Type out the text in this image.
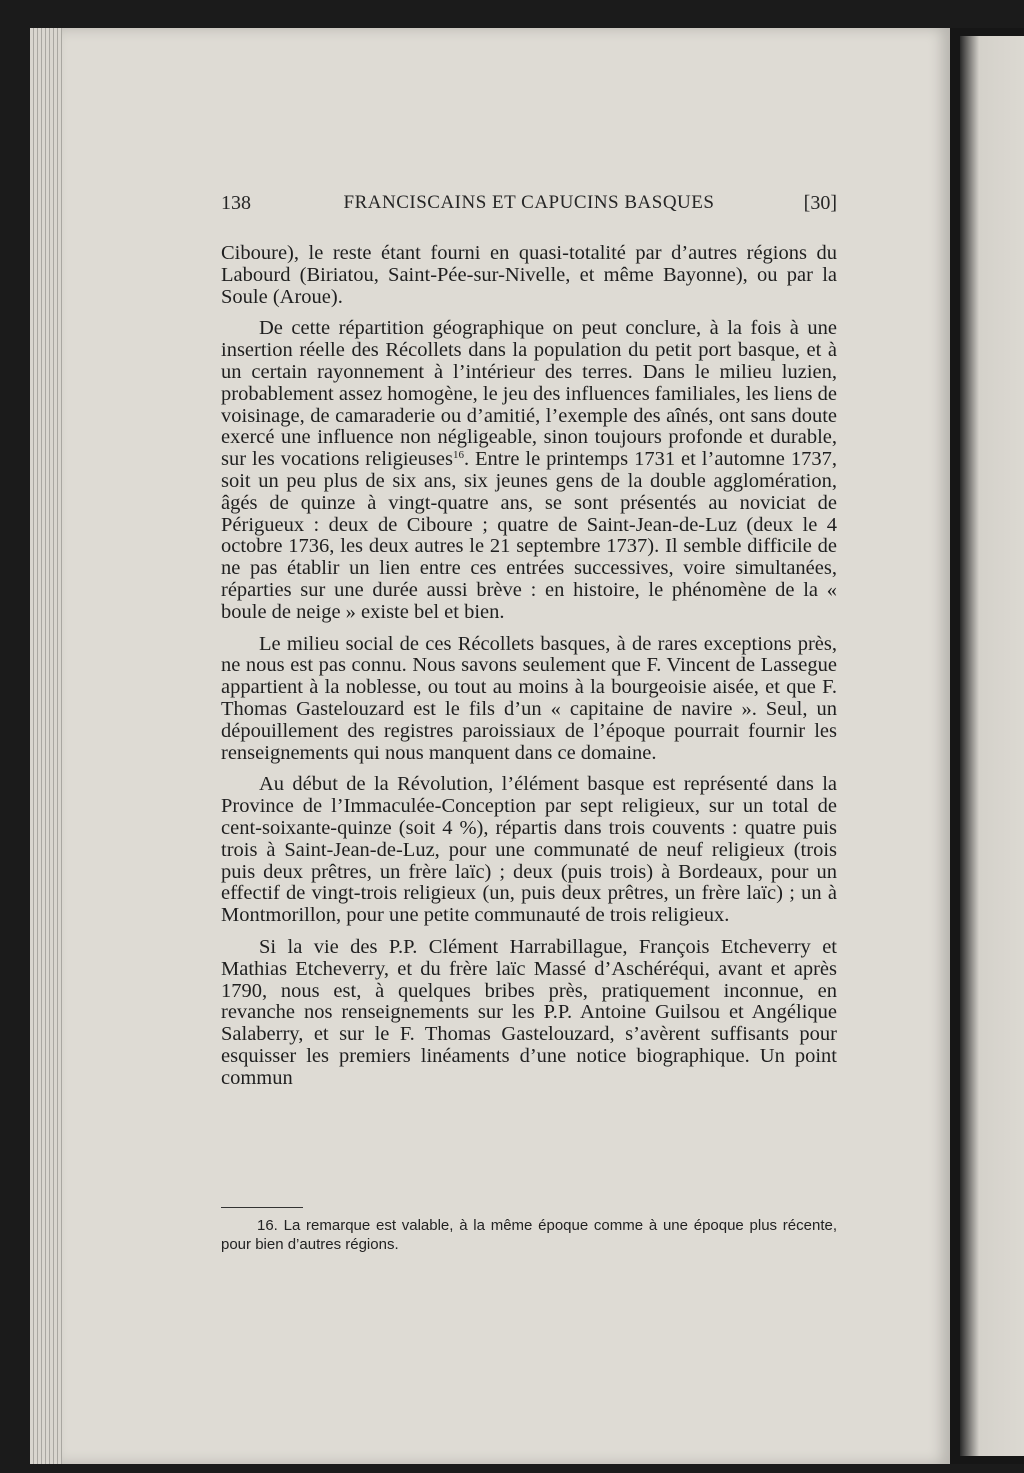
138	FRANCISCAINS ET CAPUCINS BASQUES	[30]

Ciboure), le reste étant fourni en quasi-totalité par d’autres régions du Labourd (Biriatou, Saint-Pée-sur-Nivelle, et même Bayonne), ou par la Soule (Aroue).

De cette répartition géographique on peut conclure, à la fois à une insertion réelle des Récollets dans la population du petit port basque, et à un certain rayonnement à l’intérieur des terres. Dans le milieu luzien, probablement assez homogène, le jeu des influences familiales, les liens de voisinage, de camaraderie ou d’amitié, l’exemple des aînés, ont sans doute exercé une influence non négligeable, sinon toujours profonde et durable, sur les vocations religieuses$^{16}$. Entre le printemps 1731 et l’automne 1737, soit un peu plus de six ans, six jeunes gens de la double agglomération, âgés de quinze à vingt-quatre ans, se sont présentés au noviciat de Périgueux : deux de Ciboure ; quatre de Saint-Jean-de-Luz (deux le 4 octobre 1736, les deux autres le 21 septembre 1737). Il semble difficile de ne pas établir un lien entre ces entrées successives, voire simultanées, réparties sur une durée aussi brève : en histoire, le phénomène de la « boule de neige » existe bel et bien.

Le milieu social de ces Récollets basques, à de rares exceptions près, ne nous est pas connu. Nous savons seulement que F. Vincent de Lassegue appartient à la noblesse, ou tout au moins à la bourgeoisie aisée, et que F. Thomas Gastelouzard est le fils d’un « capitaine de navire ». Seul, un dépouillement des registres paroissiaux de l’époque pourrait fournir les renseignements qui nous manquent dans ce domaine.

Au début de la Révolution, l’élément basque est représenté dans la Province de l’Immaculée-Conception par sept religieux, sur un total de cent-soixante-quinze (soit 4 %), répartis dans trois couvents : quatre puis trois à Saint-Jean-de-Luz, pour une communaté de neuf religieux (trois puis deux prêtres, un frère laïc) ; deux (puis trois) à Bordeaux, pour un effectif de vingt-trois religieux (un, puis deux prêtres, un frère laïc) ; un à Montmorillon, pour une petite communauté de trois religieux.

Si la vie des P.P. Clément Harrabillague, François Etcheverry et Mathias Etcheverry, et du frère laïc Massé d’Aschéréqui, avant et après 1790, nous est, à quelques bribes près, pratiquement inconnue, en revanche nos renseignements sur les P.P. Antoine Guilsou et Angélique Salaberry, et sur le F. Thomas Gastelouzard, s’avèrent suffisants pour esquisser les premiers linéaments d’une notice biographique. Un point commun

16. La remarque est valable, à la même époque comme à une époque plus récente, pour bien d’autres régions.
